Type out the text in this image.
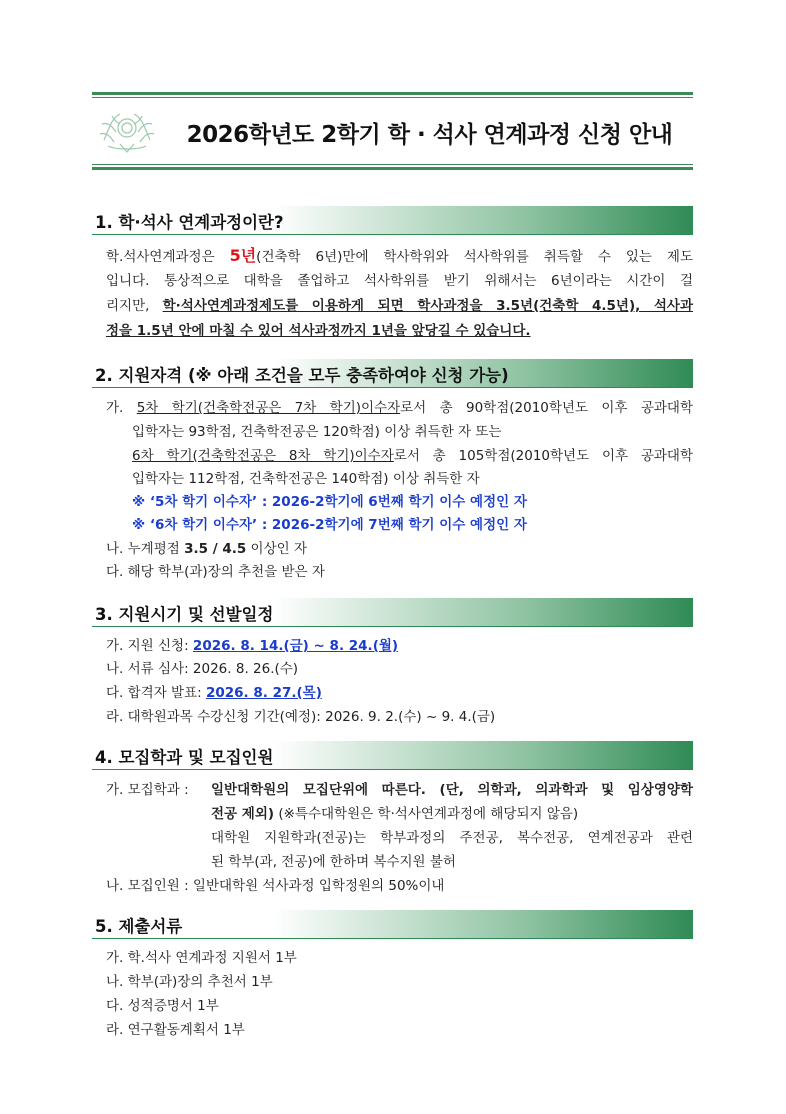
2026학년도 2학기 학 · 석사 연계과정 신청 안내
1. 학·석사 연계과정이란?
학.석사연계과정은 5년(건축학 6년)만에 학사학위와 석사학위를 취득할 수 있는 제도
입니다. 통상적으로 대학을 졸업하고 석사학위를 받기 위해서는 6년이라는 시간이 걸
리지만, 학·석사연계과정제도를 이용하게 되면 학사과정을 3.5년(건축학 4.5년), 석사과
정을 1.5년 안에 마칠 수 있어 석사과정까지 1년을 앞당길 수 있습니다.
2. 지원자격 (※ 아래 조건을 모두 충족하여야 신청 가능)
가. 5차 학기(건축학전공은 7차 학기)이수자로서 총 90학점(2010학년도 이후 공과대학
입학자는 93학점, 건축학전공은 120학점) 이상 취득한 자 또는
6차 학기(건축학전공은 8차 학기)이수자로서 총 105학점(2010학년도 이후 공과대학
입학자는 112학점, 건축학전공은 140학점) 이상 취득한 자
※ ‘5차 학기 이수자’ : 2026-2학기에 6번째 학기 이수 예정인 자
※ ‘6차 학기 이수자’ : 2026-2학기에 7번째 학기 이수 예정인 자
나. 누계평점 3.5 / 4.5 이상인 자
다. 해당 학부(과)장의 추천을 받은 자
3. 지원시기 및 선발일정
가. 지원 신청: 2026. 8. 14.(금) ~ 8. 24.(월)
나. 서류 심사: 2026. 8. 26.(수)
다. 합격자 발표: 2026. 8. 27.(목)
라. 대학원과목 수강신청 기간(예정): 2026. 9. 2.(수) ~ 9. 4.(금)
4. 모집학과 및 모집인원
가. 모집학과 : 일반대학원의 모집단위에 따른다. (단, 의학과, 의과학과 및 임상영양학
전공 제외) (※특수대학원은 학·석사연계과정에 해당되지 않음)
대학원 지원학과(전공)는 학부과정의 주전공, 복수전공, 연계전공과 관련
된 학부(과, 전공)에 한하며 복수지원 불허
나. 모집인원 : 일반대학원 석사과정 입학정원의 50%이내
5. 제출서류
가. 학.석사 연계과정 지원서 1부
나. 학부(과)장의 추천서 1부
다. 성적증명서 1부
라. 연구활동계획서 1부
